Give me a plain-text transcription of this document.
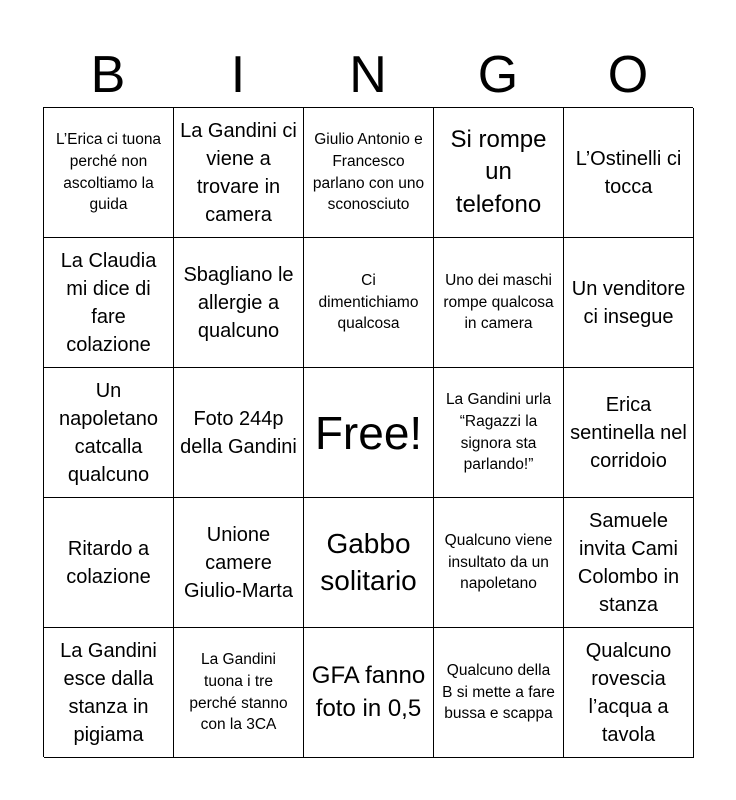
B	I	N	G	O
L’Erica ci tuona perché non ascoltiamo la guida
La Gandini ci viene a trovare in camera
Giulio Antonio e Francesco parlano con uno sconosciuto
Si rompe un telefono
L’Ostinelli ci tocca
La Claudia mi dice di fare colazione
Sbagliano le allergie a qualcuno
Ci dimentichiamo qualcosa
Uno dei maschi rompe qualcosa in camera
Un venditore ci insegue
Un napoletano catcalla qualcuno
Foto 244p della Gandini Free!
La Gandini urla “Ragazzi la signora sta parlando!”
Erica sentinella nel corridoio
Ritardo a colazione
Unione camere Giulio-Marta
Gabbo solitario
Qualcuno viene insultato da un napoletano
Samuele invita Cami Colombo in stanza
La Gandini esce dalla stanza in pigiama
La Gandini tuona i tre perché stanno con la 3CA
GFA fanno foto in 0,5
Qualcuno della B si mette a fare bussa e scappa
Qualcuno rovescia l’acqua a tavola
